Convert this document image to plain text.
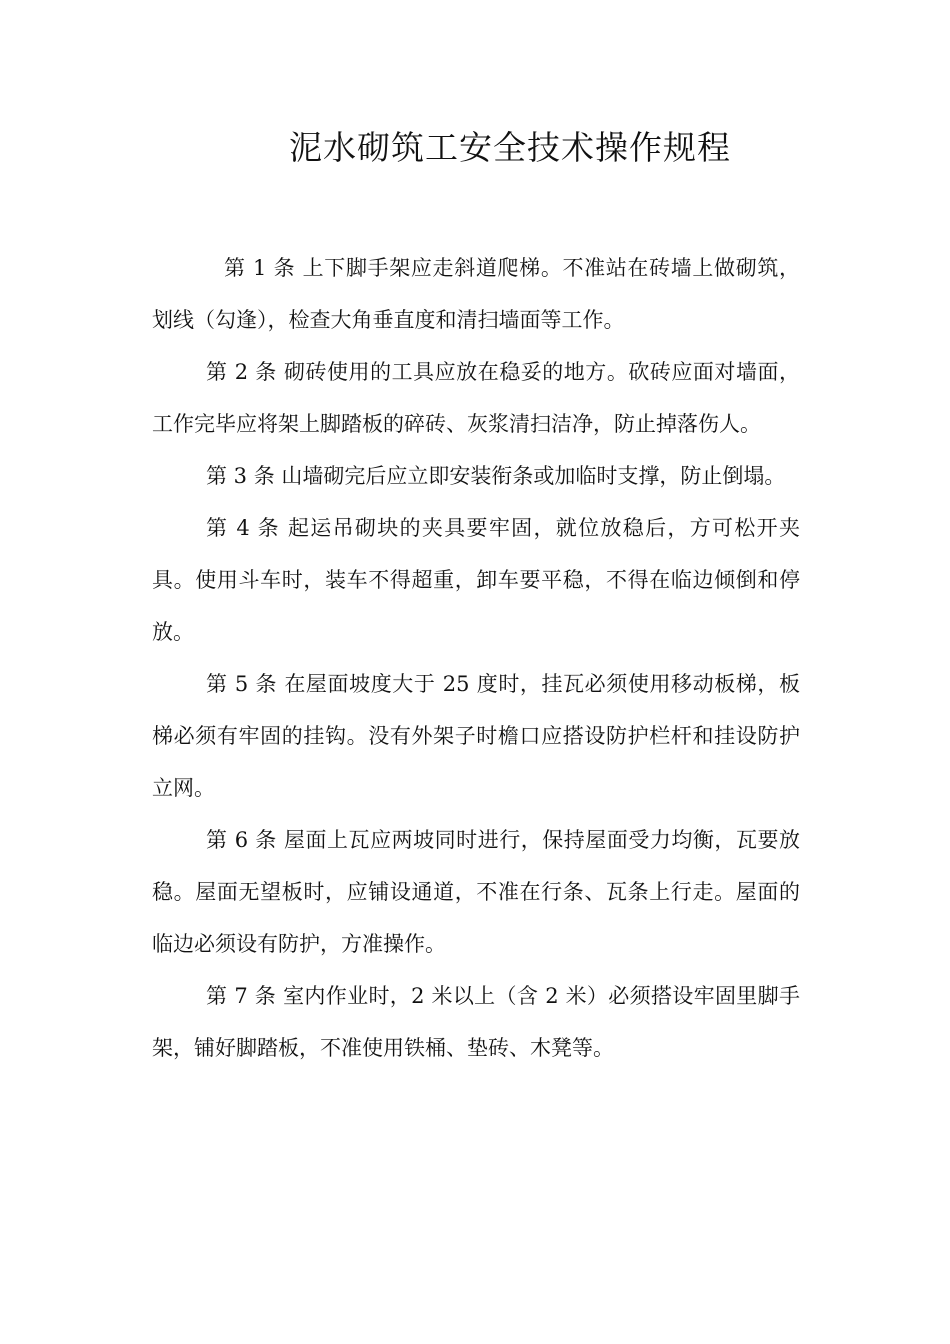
泥水砌筑工安全技术操作规程

第 1 条 上下脚手架应走斜道爬梯。不准站在砖墙上做砌筑，划线（勾逢），检查大角垂直度和清扫墙面等工作。

第 2 条 砌砖使用的工具应放在稳妥的地方。砍砖应面对墙面，工作完毕应将架上脚踏板的碎砖、灰浆清扫洁净，防止掉落伤人。

第 3 条 山墙砌完后应立即安装衔条或加临时支撑，防止倒塌。

第 4 条 起运吊砌块的夹具要牢固，就位放稳后，方可松开夹具。使用斗车时，装车不得超重，卸车要平稳，不得在临边倾倒和停放。

第 5 条 在屋面坡度大于 25 度时，挂瓦必须使用移动板梯，板梯必须有牢固的挂钩。没有外架子时檐口应搭设防护栏杆和挂设防护立网。

第 6 条 屋面上瓦应两坡同时进行，保持屋面受力均衡，瓦要放稳。屋面无望板时，应铺设通道，不准在行条、瓦条上行走。屋面的临边必须设有防护，方准操作。

第 7 条 室内作业时，2 米以上（含 2 米）必须搭设牢固里脚手架，铺好脚踏板，不准使用铁桶、垫砖、木凳等。
